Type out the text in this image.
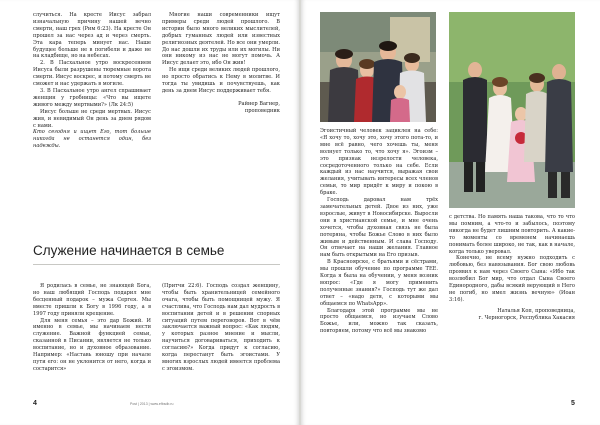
случиться. На кресте Иисус забрал изначальную причину нашей вечно смерти, наш грех (Рим 6:23). На кресте Он прошел за нас через ад и через смерть. Эта кара теперь минует нас. Наше будущее больше не в погибели и даже не на кладбище, но на небесах.

2. В Пасхальное утро воскресением Иисуса были разрушены тюремные ворота смерти. Иисус воскрес, и потому смерть не сможет и нас удержать в могиле.

3. В Пасхальное утро ангел спрашивает женщин у гробницы: «Что вы ищете живого между мертвыми?» (Лк 24:5)

Иисус больше не среди мертвых. Иисус жив, и невидимый Он день за днем рядом с нами.

Кто сегодня и ищет Его, тот больше никогда не останется один, без надежды.

Многие наши современники ищут примеры среди людей прошлого. В истории было много великих мыслителей, добрых гуманных людей или известных религиозных деятелей. Но все они умерли. До нас дошли их труды или их могилы. Ни они никому из нас не могут помочь. А Иисус делает это, ибо Он жив!

Не ищи среди великих людей прошлого, но просто обратись к Нему в молитве. И тогда ты увидишь и почувствуешь, как день за днем Иисус поддерживает тебя.

Райнер Вагнер,
проповедник
Служение начинается в семье

Я родилась в семье, не знающей Бога, но наш любящий Господь подарил мне бесценный подарок – мужа Сергея. Мы вместе пришли к Богу в 1996 году, а в 1997 году приняли крещение.

Для меня семья – это дар Божий. И именно в семье, мы начинаем нести служение. Важной функцией семьи, сказанной в Писании, является не только воспитание, но и духовное образование. Например: «Наставь юношу при начале пути его: он не уклонится от него, когда и состарится»

(Притчи 22:6). Господь создал женщину, чтобы быть хранительницей семейного очага, чтобы быть помощницей мужу. Я счастлива, что Господь нам дал мудрость в воспитании детей и в решении спорных ситуаций путем переговоров. Вот в чём заключается важный вопрос: «Как людям, у которых разное мнение и мысли, научиться договариваться, приходить к согласию?» Когда придут к согласию, когда перестанут быть эгоистами. У многих взрослых людей имеется проблема с эгоизмом.

4	Post | 2013 | www.efbsdb.ru

Эгоистичный человек зациклен на себе: «Я хочу то, хочу это, хочу этого пота-то, и мне всё равно, чего хочешь ты, меня волнует только то, что хочу я». Эгоизм – это признак незрелости человека, сосредоточенного только на себе. Если каждый из нас научится, выражая свои желания, учитывать интересы всех членов семьи, то мир придёт к миру и покою в браке.

Господь даровал нам трёх замечательных детей. Двое из них, уже взрослые, живут в Новосибирске. Выросли они в христианской семье, и мне очень хочется, чтобы духовная связь не была потеряна, чтобы Божье Слово в них было живым и действенным. И слава Господу. Он отвечает на наши желания. Главное нам быть открытыми на Его призыв.

В Красноярске, с братьями и сёстрами, мы прошли обучение по программе ТЕЕ. Когда я была на обучении, у меня возник вопрос: «Где я могу применить полученные знания?» Господь тут же дал ответ – «надо детя, с которыми мы общаемся по WhatsApp».

Благодаря этой программе мы не просто общаемся, но изучаем Слово Божье, или, можно так сказать, повторяем, потому что всё мы знакомо

с детства. Но память наша такова, что то что мы помним, а что-то и забылось, поэтому никогда не будет лишним повторить. А какие-то моменты со временем начинаешь понимать более широко, не так, как в начале, когда только уверовал.

Конечно, не всему нужно подходить с любовью, без навязывания. Бог свою любовь проявил к нам через Своего Сына: «Ибо так возлюбил Бог мир, что отдал Сына Своего Единородного, дабы всякий верующий в Него не погиб, но имел жизнь вечную» (Иоан 3:16).

Наталья Коп, проповедница,
г. Черногорск, Республика Хакасия
5
